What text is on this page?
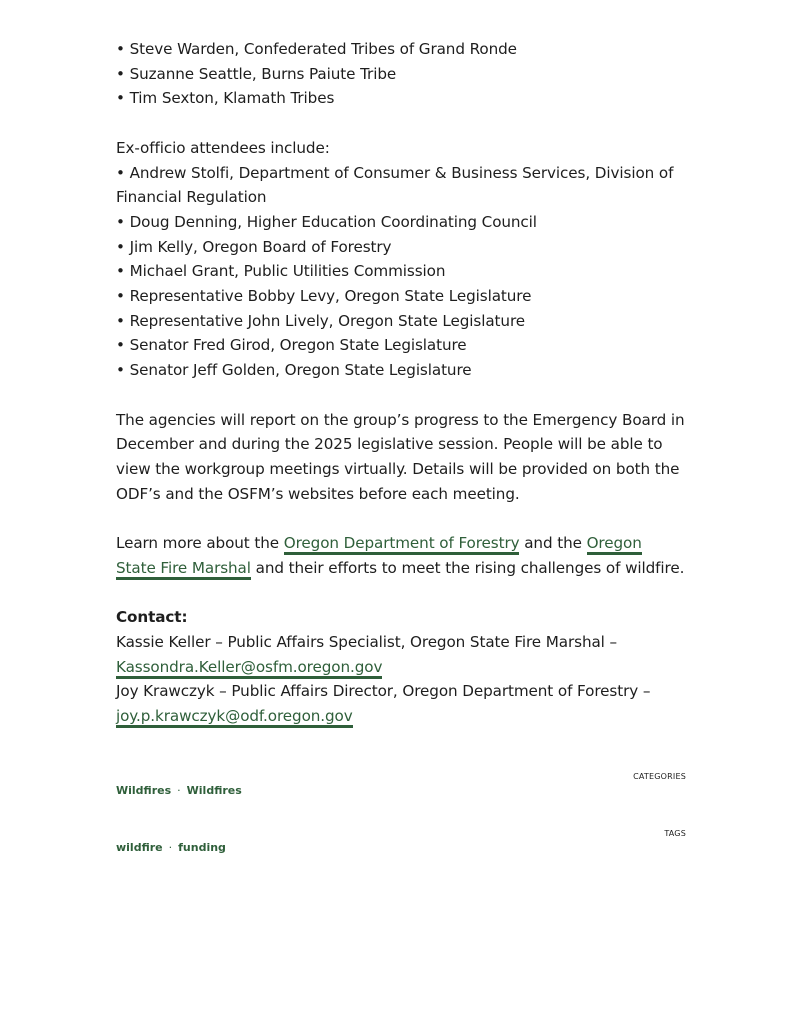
• Steve Warden, Confederated Tribes of Grand Ronde
• Suzanne Seattle, Burns Paiute Tribe
• Tim Sexton, Klamath Tribes

Ex-officio attendees include:
• Andrew Stolfi, Department of Consumer & Business Services, Division of Financial Regulation
• Doug Denning, Higher Education Coordinating Council
• Jim Kelly, Oregon Board of Forestry
• Michael Grant, Public Utilities Commission
• Representative Bobby Levy, Oregon State Legislature
• Representative John Lively, Oregon State Legislature
• Senator Fred Girod, Oregon State Legislature
• Senator Jeff Golden, Oregon State Legislature

The agencies will report on the group’s progress to the Emergency Board in December and during the 2025 legislative session. People will be able to view the workgroup meetings virtually. Details will be provided on both the ODF’s and the OSFM’s websites before each meeting.

Learn more about the Oregon Department of Forestry and the Oregon State Fire Marshal and their efforts to meet the rising challenges of wildfire.

Contact:
Kassie Keller – Public Affairs Specialist, Oregon State Fire Marshal –
Kassondra.Keller@osfm.oregon.gov
Joy Krawczyk – Public Affairs Director, Oregon Department of Forestry –
joy.p.krawczyk@odf.oregon.gov

CATEGORIES
Wildfires · Wildfires
TAGS
wildfire · funding
